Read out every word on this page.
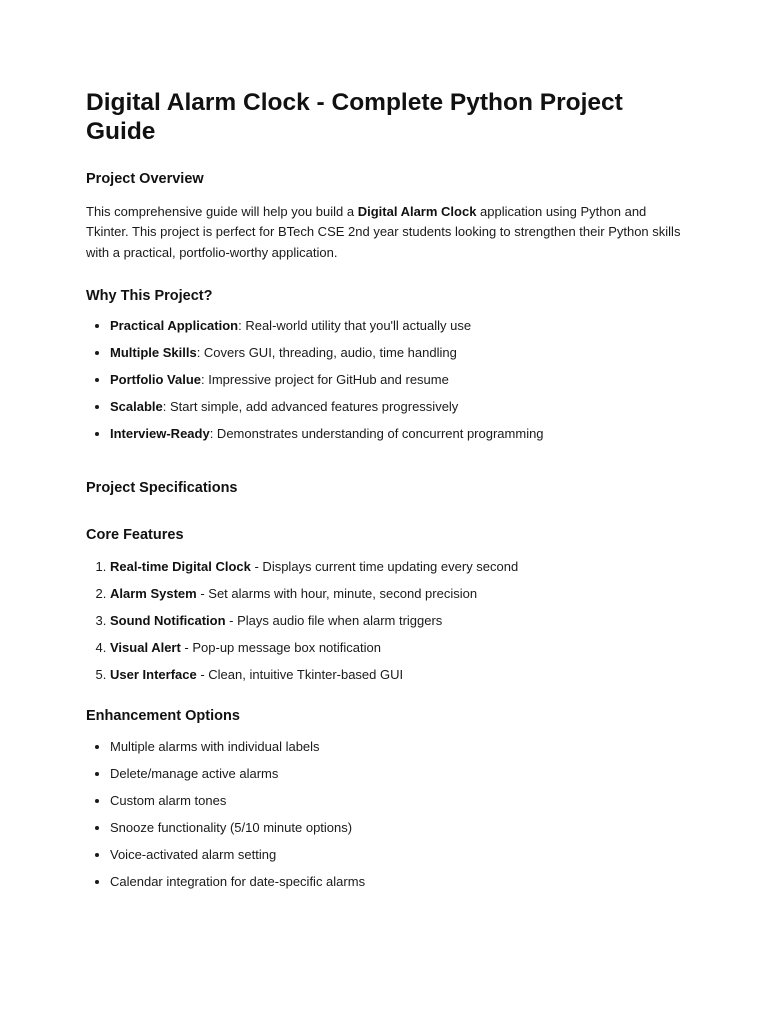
Digital Alarm Clock - Complete Python Project Guide
Project Overview

This comprehensive guide will help you build a Digital Alarm Clock application using Python and Tkinter. This project is perfect for BTech CSE 2nd year students looking to strengthen their Python skills with a practical, portfolio-worthy application.

Why This Project?
• Practical Application: Real-world utility that you'll actually use
• Multiple Skills: Covers GUI, threading, audio, time handling
• Portfolio Value: Impressive project for GitHub and resume
• Scalable: Start simple, add advanced features progressively
• Interview-Ready: Demonstrates understanding of concurrent programming
Project Specifications
Core Features
1. Real-time Digital Clock - Displays current time updating every second
2. Alarm System - Set alarms with hour, minute, second precision
3. Sound Notification - Plays audio file when alarm triggers
4. Visual Alert - Pop-up message box notification
5. User Interface - Clean, intuitive Tkinter-based GUI
Enhancement Options
• Multiple alarms with individual labels
• Delete/manage active alarms
• Custom alarm tones
• Snooze functionality (5/10 minute options)
• Voice-activated alarm setting
• Calendar integration for date-specific alarms
